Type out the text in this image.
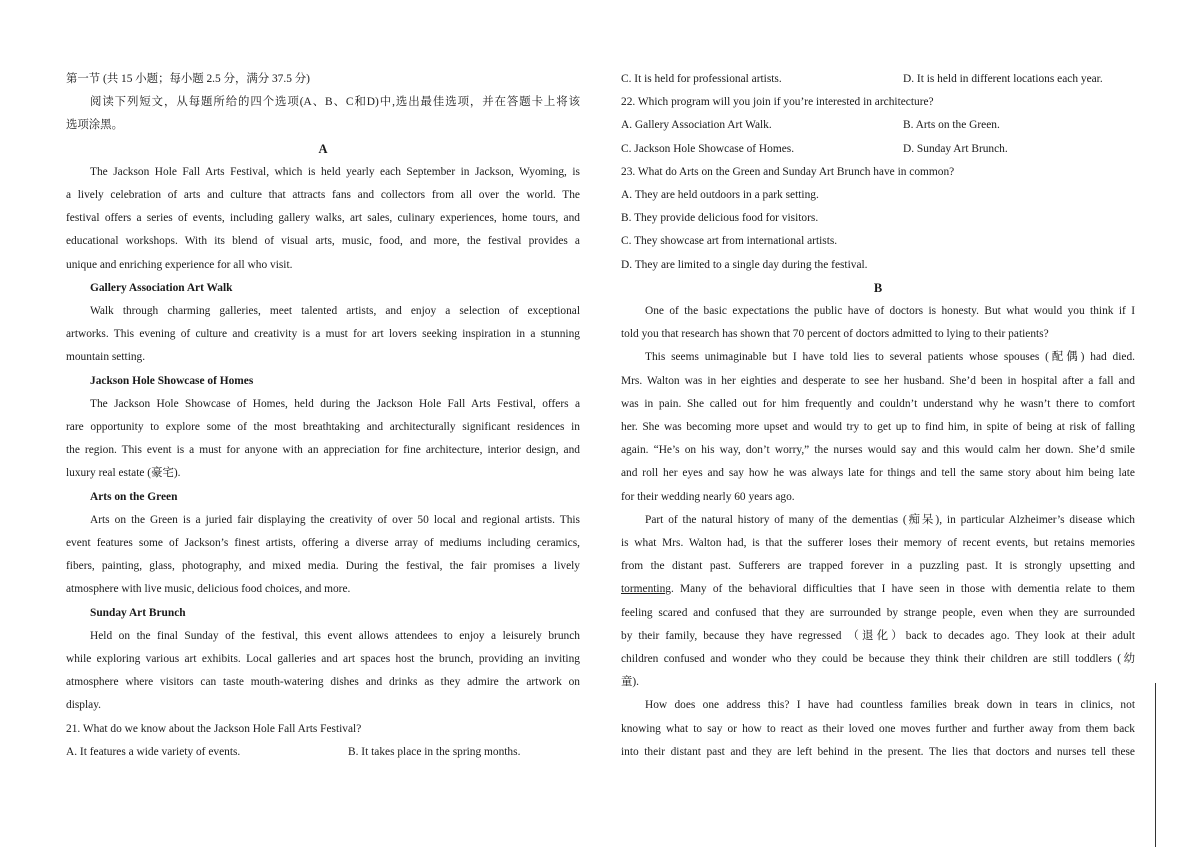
第一节 (共 15 小题；每小题 2.5 分，满分 37.5 分)

阅读下列短文，从每题所给的四个选项(A、B、C和D)中,选出最佳选项，并在答题卡上将该

选项涂黑。

A

The Jackson Hole Fall Arts Festival, which is held yearly each September in Jackson, Wyoming, is

a lively celebration of arts and culture that attracts fans and collectors from all over the world. The

festival offers a series of events, including gallery walks, art sales, culinary experiences, home tours, and

educational workshops. With its blend of visual arts, music, food, and more, the festival provides a

unique and enriching experience for all who visit.

Gallery Association Art Walk

Walk through charming galleries, meet talented artists, and enjoy a selection of exceptional

artworks. This evening of culture and creativity is a must for art lovers seeking inspiration in a stunning

mountain setting.

Jackson Hole Showcase of Homes

The Jackson Hole Showcase of Homes, held during the Jackson Hole Fall Arts Festival, offers a

rare opportunity to explore some of the most breathtaking and architecturally significant residences in

the region. This event is a must for anyone with an appreciation for fine architecture, interior design, and

luxury real estate (豪宅).

Arts on the Green

Arts on the Green is a juried fair displaying the creativity of over 50 local and regional artists. This

event features some of Jackson’s finest artists, offering a diverse array of mediums including ceramics,

fibers, painting, glass, photography, and mixed media. During the festival, the fair promises a lively

atmosphere with live music, delicious food choices, and more.

Sunday Art Brunch

Held on the final Sunday of the festival, this event allows attendees to enjoy a leisurely brunch

while exploring various art exhibits. Local galleries and art spaces host the brunch, providing an inviting

atmosphere where visitors can taste mouth-watering dishes and drinks as they admire the artwork on

display.

21. What do we know about the Jackson Hole Fall Arts Festival?

A. It features a wide variety of events.	B. It takes place in the spring months.

C. It is held for professional artists.	D. It is held in different locations each year.

22. Which program will you join if you’re interested in architecture?

A. Gallery Association Art Walk.	B. Arts on the Green.

C. Jackson Hole Showcase of Homes.	D. Sunday Art Brunch.

23. What do Arts on the Green and Sunday Art Brunch have in common?

A. They are held outdoors in a park setting.

B. They provide delicious food for visitors.

C. They showcase art from international artists.

D. They are limited to a single day during the festival.

B

One of the basic expectations the public have of doctors is honesty. But what would you think if I

told you that research has shown that 70 percent of doctors admitted to lying to their patients?

This seems unimaginable but I have told lies to several patients whose spouses (配偶) had died.

Mrs. Walton was in her eighties and desperate to see her husband. She’d been in hospital after a fall and

was in pain. She called out for him frequently and couldn’t understand why he wasn’t there to comfort

her. She was becoming more upset and would try to get up to find him, in spite of being at risk of falling

again. “He’s on his way, don’t worry,” the nurses would say and this would calm her down. She’d smile

and roll her eyes and say how he was always late for things and tell the same story about him being late

for their wedding nearly 60 years ago.

Part of the natural history of many of the dementias (痴呆), in particular Alzheimer’s disease which

is what Mrs. Walton had, is that the sufferer loses their memory of recent events, but retains memories

from the distant past. Sufferers are trapped forever in a puzzling past. It is strongly upsetting and

tormenting. Many of the behavioral difficulties that I have seen in those with dementia relate to them

feeling scared and confused that they are surrounded by strange people, even when they are surrounded

by their family, because they have regressed （退化）back to decades ago. They look at their adult

children confused and wonder who they could be because they think their children are still toddlers (幼

童).

How does one address this? I have had countless families break down in tears in clinics, not

knowing what to say or how to react as their loved one moves further and further away from them back

into their distant past and they are left behind in the present. The lies that doctors and nurses tell these
